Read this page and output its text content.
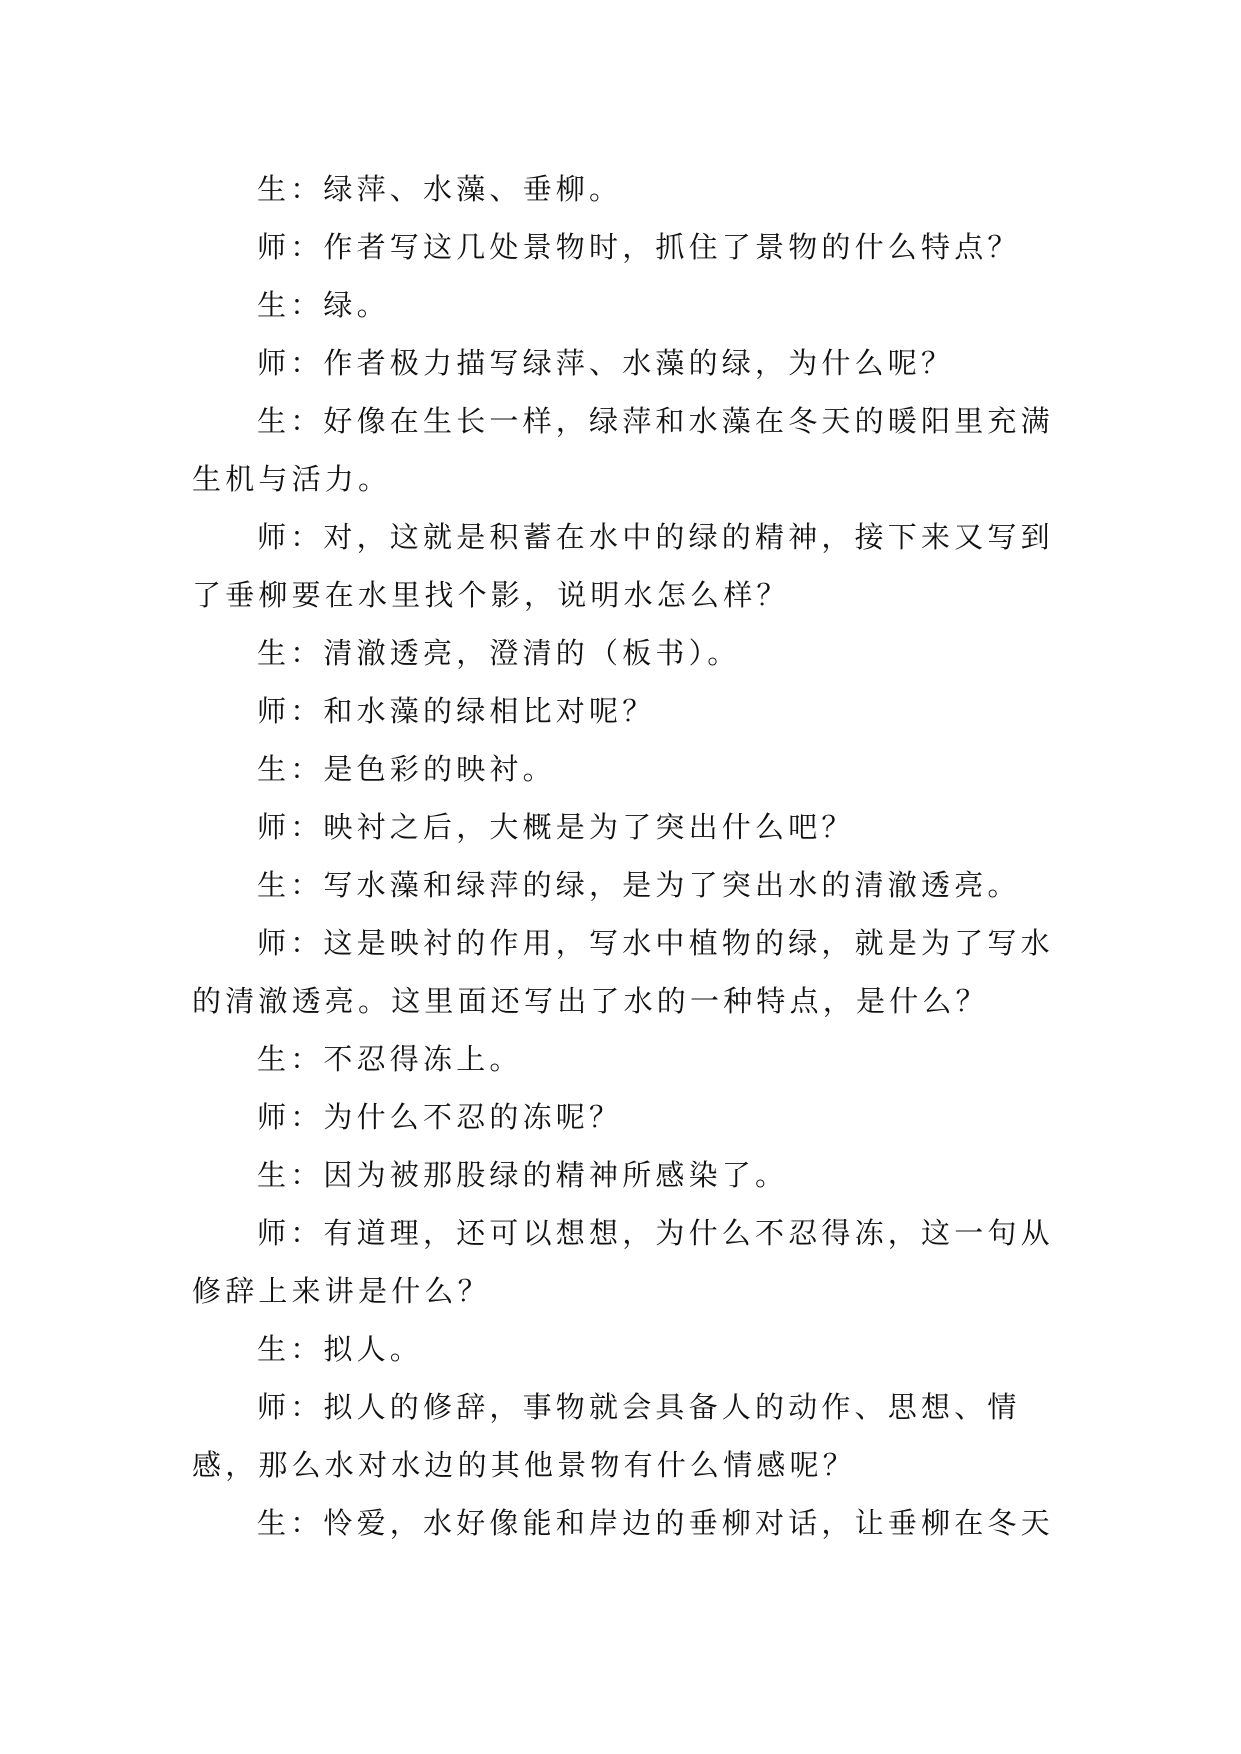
生：绿萍、水藻、垂柳。

师：作者写这几处景物时，抓住了景物的什么特点？

生：绿。

师：作者极力描写绿萍、水藻的绿，为什么呢？

生：好像在生长一样，绿萍和水藻在冬天的暖阳里充满生机与活力。

师：对，这就是积蓄在水中的绿的精神，接下来又写到了垂柳要在水里找个影，说明水怎么样？

生：清澈透亮，澄清的（板书）。

师：和水藻的绿相比对呢？

生：是色彩的映衬。

师：映衬之后，大概是为了突出什么吧？

生：写水藻和绿萍的绿，是为了突出水的清澈透亮。

师：这是映衬的作用，写水中植物的绿，就是为了写水的清澈透亮。这里面还写出了水的一种特点，是什么？

生：不忍得冻上。

师：为什么不忍的冻呢？

生：因为被那股绿的精神所感染了。

师：有道理，还可以想想，为什么不忍得冻，这一句从修辞上来讲是什么？

生：拟人。

师：拟人的修辞，事物就会具备人的动作、思想、情感，那么水对水边的其他景物有什么情感呢？

生：怜爱，水好像能和岸边的垂柳对话，让垂柳在冬天
